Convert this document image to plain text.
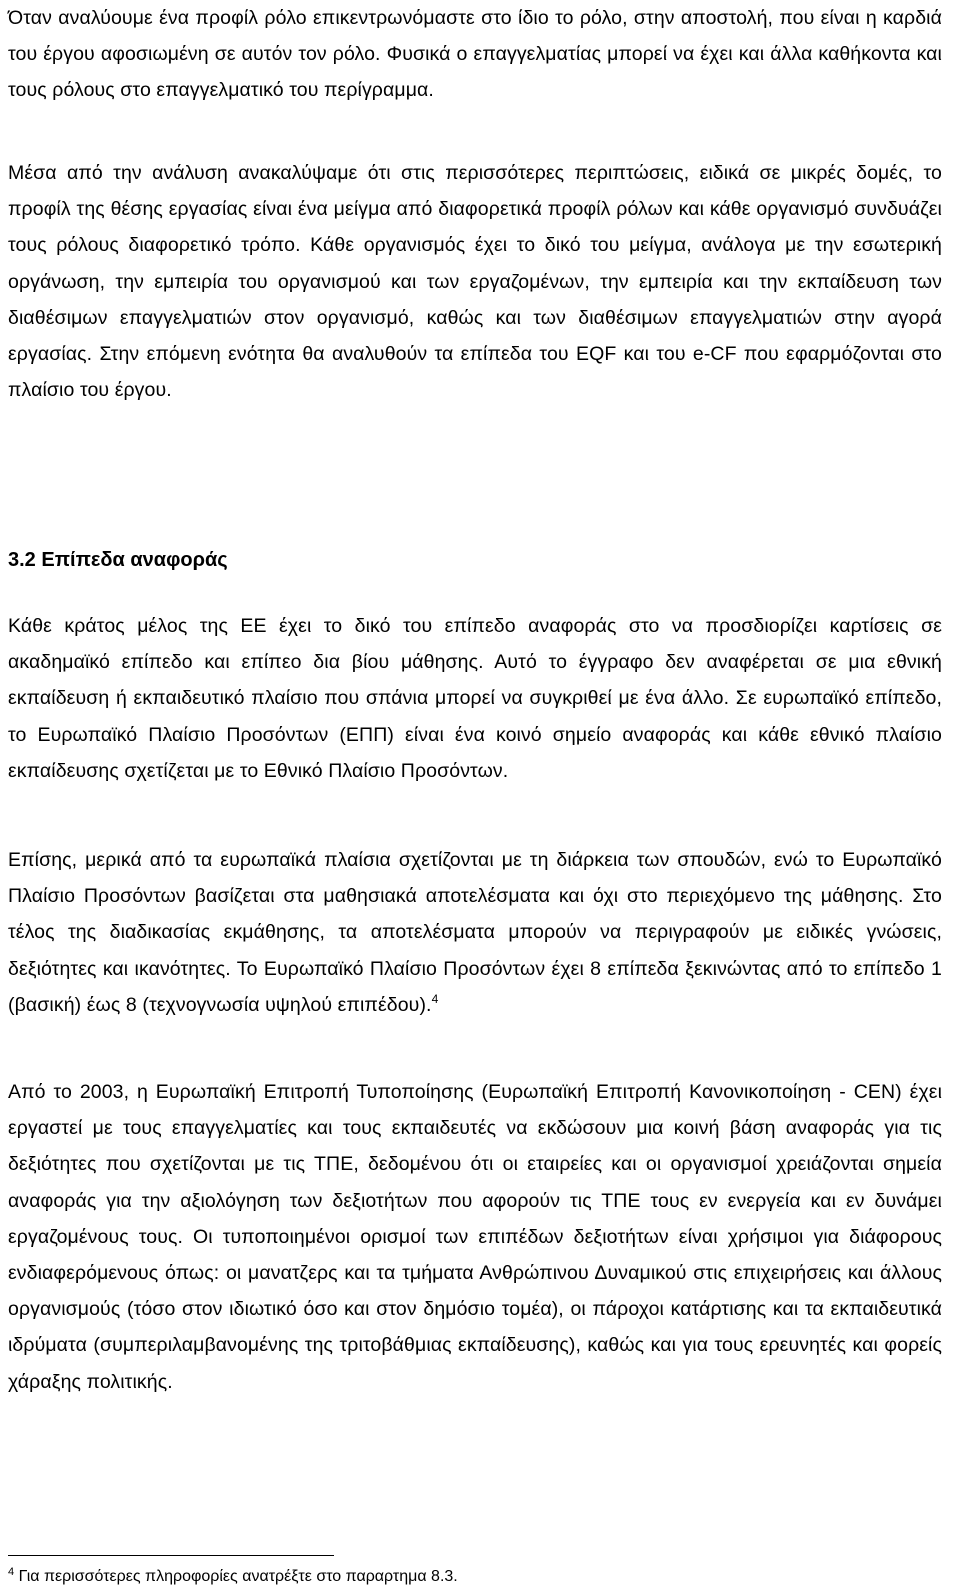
Όταν αναλύουμε ένα προφίλ ρόλο επικεντρωνόμαστε στο ίδιο το ρόλο, στην αποστολή, που είναι η καρδιά του έργου αφοσιωμένη σε αυτόν τον ρόλο. Φυσικά ο επαγγελματίας μπορεί να έχει και άλλα καθήκοντα και τους ρόλους στο επαγγελματικό του περίγραμμα.

Μέσα από την ανάλυση ανακαλύψαμε ότι στις περισσότερες περιπτώσεις, ειδικά σε μικρές δομές, το προφίλ της θέσης εργασίας είναι ένα μείγμα από διαφορετικά προφίλ ρόλων και κάθε οργανισμό συνδυάζει τους ρόλους διαφορετικό τρόπο. Κάθε οργανισμός έχει το δικό του μείγμα, ανάλογα με την εσωτερική οργάνωση, την εμπειρία του οργανισμού και των εργαζομένων, την εμπειρία και την εκπαίδευση των διαθέσιμων επαγγελματιών στον οργανισμό, καθώς και των διαθέσιμων επαγγελματιών στην αγορά εργασίας. Στην επόμενη ενότητα θα αναλυθούν τα επίπεδα του EQF και του e-CF που εφαρμόζονται στο πλαίσιο του έργου.

3.2 Επίπεδα αναφοράς

Κάθε κράτος μέλος της ΕΕ έχει το δικό του επίπεδο αναφοράς στο να προσδιορίζει καρτίσεις σε ακαδημαϊκό επίπεδο και επίπεο δια βίου μάθησης. Αυτό το έγγραφο δεν αναφέρεται σε μια εθνική εκπαίδευση ή εκπαιδευτικό πλαίσιο που σπάνια μπορεί να συγκριθεί με ένα άλλο. Σε ευρωπαϊκό επίπεδο, το Ευρωπαϊκό Πλαίσιο Προσόντων (ΕΠΠ) είναι ένα κοινό σημείο αναφοράς και κάθε εθνικό πλαίσιο εκπαίδευσης σχετίζεται με το Εθνικό Πλαίσιο Προσόντων.

Επίσης, μερικά από τα ευρωπαϊκά πλαίσια σχετίζονται με τη διάρκεια των σπουδών, ενώ το Ευρωπαϊκό Πλαίσιο Προσόντων βασίζεται στα μαθησιακά αποτελέσματα και όχι στο περιεχόμενο της μάθησης. Στο τέλος της διαδικασίας εκμάθησης, τα αποτελέσματα μπορούν να περιγραφούν με ειδικές γνώσεις, δεξιότητες και ικανότητες. Το Ευρωπαϊκό Πλαίσιο Προσόντων έχει 8 επίπεδα ξεκινώντας από το επίπεδο 1 (βασική) έως 8 (τεχνογνωσία υψηλού επιπέδου).$^4$

Από το 2003, η Ευρωπαϊκή Επιτροπή Τυποποίησης (Ευρωπαϊκή Επιτροπή Κανονικοποίηση - CEN) έχει εργαστεί με τους επαγγελματίες και τους εκπαιδευτές να εκδώσουν μια κοινή βάση αναφοράς για τις δεξιότητες που σχετίζονται με τις ΤΠΕ, δεδομένου ότι οι εταιρείες και οι οργανισμοί χρειάζονται σημεία αναφοράς για την αξιολόγηση των δεξιοτήτων που αφορούν τις ΤΠΕ τους εν ενεργεία και εν δυνάμει εργαζομένους τους. Οι τυποποιημένοι ορισμοί των επιπέδων δεξιοτήτων είναι χρήσιμοι για διάφορους ενδιαφερόμενους όπως: οι μανατζερς και τα τμήματα Ανθρώπινου Δυναμικού στις επιχειρήσεις και άλλους οργανισμούς (τόσο στον ιδιωτικό όσο και στον δημόσιο τομέα), οι πάροχοι κατάρτισης και τα εκπαιδευτικά ιδρύματα (συμπεριλαμβανομένης της τριτοβάθμιας εκπαίδευσης), καθώς και για τους ερευνητές και φορείς χάραξης πολιτικής.

$^4$ Για περισσότερες πληροφορίες ανατρέξτε στο παραρτημα 8.3.
